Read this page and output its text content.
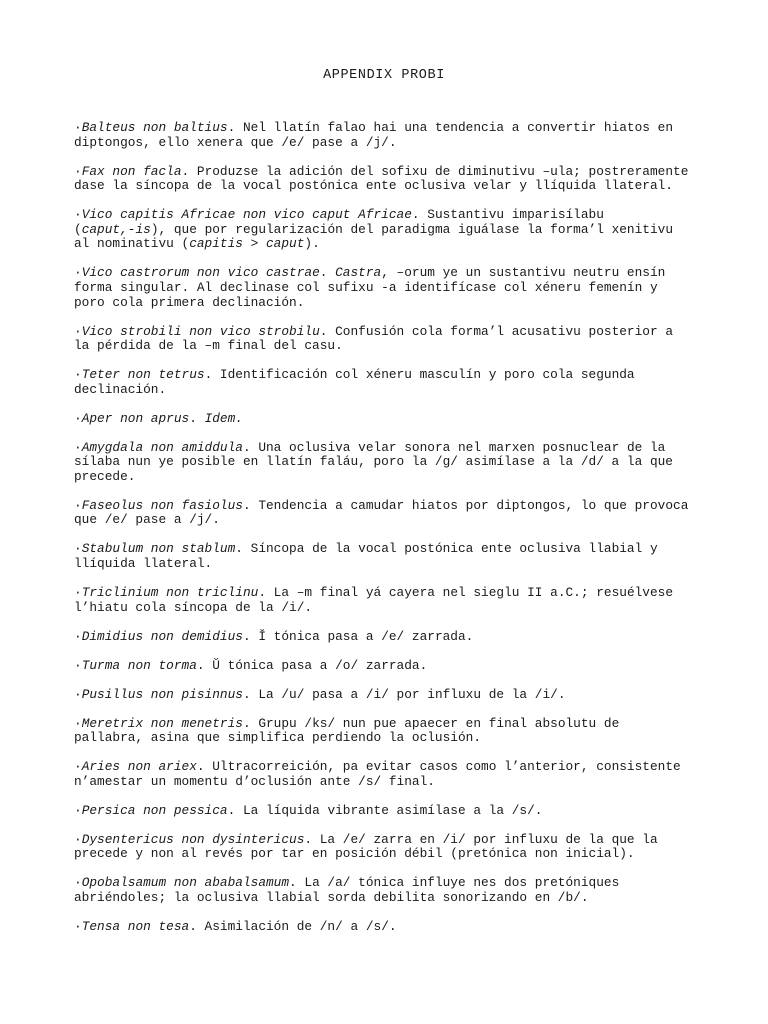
APPENDIX PROBI
·Balteus non baltius. Nel llatín falao hai una tendencia a convertir hiatos en
diptongos, ello xenera que /e/ pase a /j/.
·Fax non facla. Produzse la adición del sofixu de diminutivu –ula; postreramente
dase la síncopa de la vocal postónica ente oclusiva velar y llíquida llateral.
·Vico capitis Africae non vico caput Africae. Sustantivu imparisílabu
(caput,-is), que por regularización del paradigma iguálase la forma’l xenitivu
al nominativu (capitis > caput).
·Vico castrorum non vico castrae. Castra, –orum ye un sustantivu neutru ensín
forma singular. Al declinase col sufixu -a identifícase col xéneru femenín y
poro cola primera declinación.
·Vico strobili non vico strobilu. Confusión cola forma’l acusativu posterior a
la pérdida de la –m final del casu.
·Teter non tetrus. Identificación col xéneru masculín y poro cola segunda
declinación.
·Aper non aprus. Idem.
·Amygdala non amiddula. Una oclusiva velar sonora nel marxen posnuclear de la
sílaba nun ye posible en llatín faláu, poro la /g/ asimílase a la /d/ a la que
precede.
·Faseolus non fasiolus. Tendencia a camudar hiatos por diptongos, lo que provoca
que /e/ pase a /j/.
·Stabulum non stablum. Síncopa de la vocal postónica ente oclusiva llabial y
llíquida llateral.
·Triclinium non triclinu. La –m final yá cayera nel sieglu II a.C.; resuélvese
l’hiatu cola síncopa de la /i/.
·Dimidius non demidius. Ĭ tónica pasa a /e/ zarrada.
·Turma non torma. Ŭ tónica pasa a /o/ zarrada.
·Pusillus non pisinnus. La /u/ pasa a /i/ por influxu de la /i/.
·Meretrix non menetris. Grupu /ks/ nun pue apaecer en final absolutu de
pallabra, asina que simplifica perdiendo la oclusión.
·Aries non ariex. Ultracorreición, pa evitar casos como l’anterior, consistente
n’amestar un momentu d’oclusión ante /s/ final.
·Persica non pessica. La líquida vibrante asimílase a la /s/.
·Dysentericus non dysintericus. La /e/ zarra en /i/ por influxu de la que la
precede y non al revés por tar en posición débil (pretónica non inicial).
·Opobalsamum non ababalsamum. La /a/ tónica influye nes dos pretóniques
abriéndoles; la oclusiva llabial sorda debilita sonorizando en /b/.
·Tensa non tesa. Asimilación de /n/ a /s/.
